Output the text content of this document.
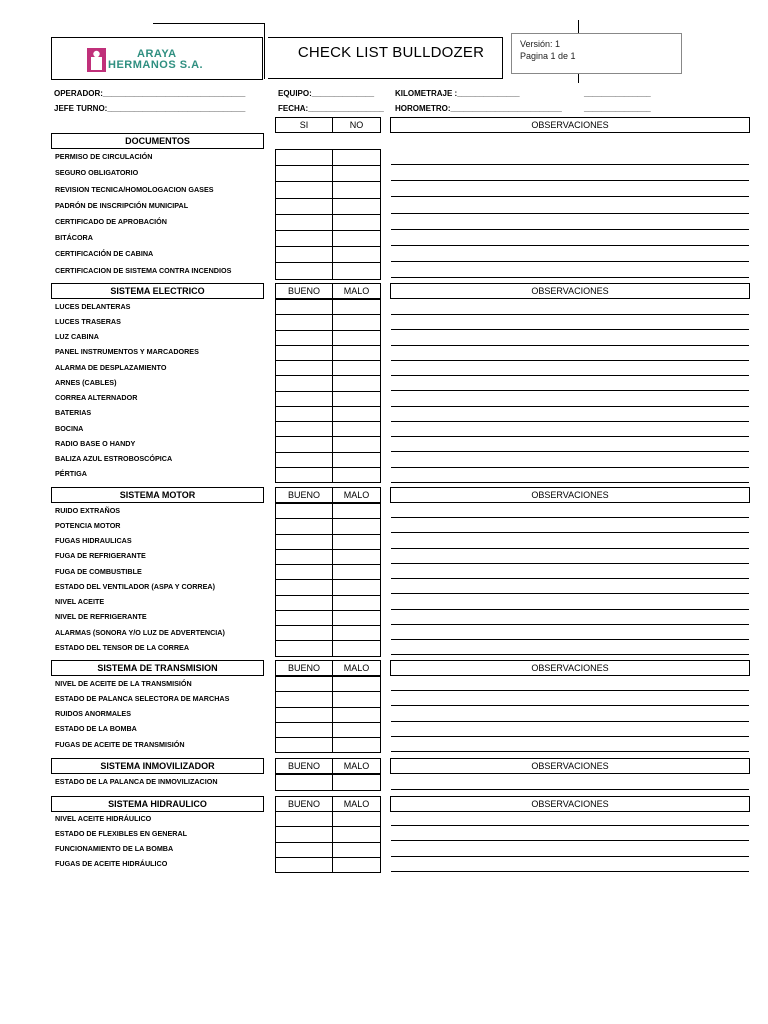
ARAYA
HERMANOS S.A.
CHECK LIST BULLDOZER	Versión: 1
Pagina 1 de 1
OPERADOR:________________________________	EQUIPO:______________	KILOMETRAJE :______________	_______________
JEFE TURNO:_______________________________	FECHA:_________________ HOROMETRO:_________________________	_______________
DOCUMENTOS
SI	NO	OBSERVACIONES
PERMISO DE CIRCULACIÓN
SEGURO OBLIGATORIO
REVISION TECNICA/HOMOLOGACION GASES
PADRÓN DE INSCRIPCIÓN MUNICIPAL
CERTIFICADO DE APROBACIÓN
BITÁCORA
CERTIFICACIÓN DE CABINA
CERTIFICACION DE SISTEMA CONTRA INCENDIOS
SISTEMA ELECTRICO	BUENO	MALO	OBSERVACIONES
LUCES DELANTERAS
LUCES TRASERAS
LUZ CABINA
PANEL INSTRUMENTOS Y MARCADORES
ALARMA DE DESPLAZAMIENTO
ARNES (CABLES)
CORREA ALTERNADOR
BATERIAS
BOCINA
RADIO BASE O HANDY
BALIZA AZUL ESTROBOSCÓPICA
PÉRTIGA
SISTEMA MOTOR	BUENO	MALO	OBSERVACIONES
RUIDO EXTRAÑOS
POTENCIA MOTOR
FUGAS HIDRAULICAS
FUGA DE REFRIGERANTE
FUGA DE COMBUSTIBLE
ESTADO DEL VENTILADOR (ASPA Y CORREA)
NIVEL ACEITE
NIVEL DE REFRIGERANTE
ALARMAS (SONORA Y/O LUZ DE ADVERTENCIA)
ESTADO DEL TENSOR DE LA CORREA
SISTEMA DE TRANSMISION	BUENO	MALO	OBSERVACIONES
NIVEL DE ACEITE DE LA TRANSMISIÓN
ESTADO DE PALANCA SELECTORA DE MARCHAS
RUIDOS ANORMALES
ESTADO DE LA BOMBA
FUGAS DE ACEITE DE TRANSMISIÓN
SISTEMA INMOVILIZADOR	BUENO	MALO	OBSERVACIONES
ESTADO DE LA PALANCA DE INMOVILIZACION
SISTEMA HIDRAULICO	BUENO	MALO	OBSERVACIONES
NIVEL ACEITE HIDRÁULICO
ESTADO DE FLEXIBLES EN GENERAL
FUNCIONAMIENTO DE LA BOMBA
FUGAS DE ACEITE HIDRÁULICO
